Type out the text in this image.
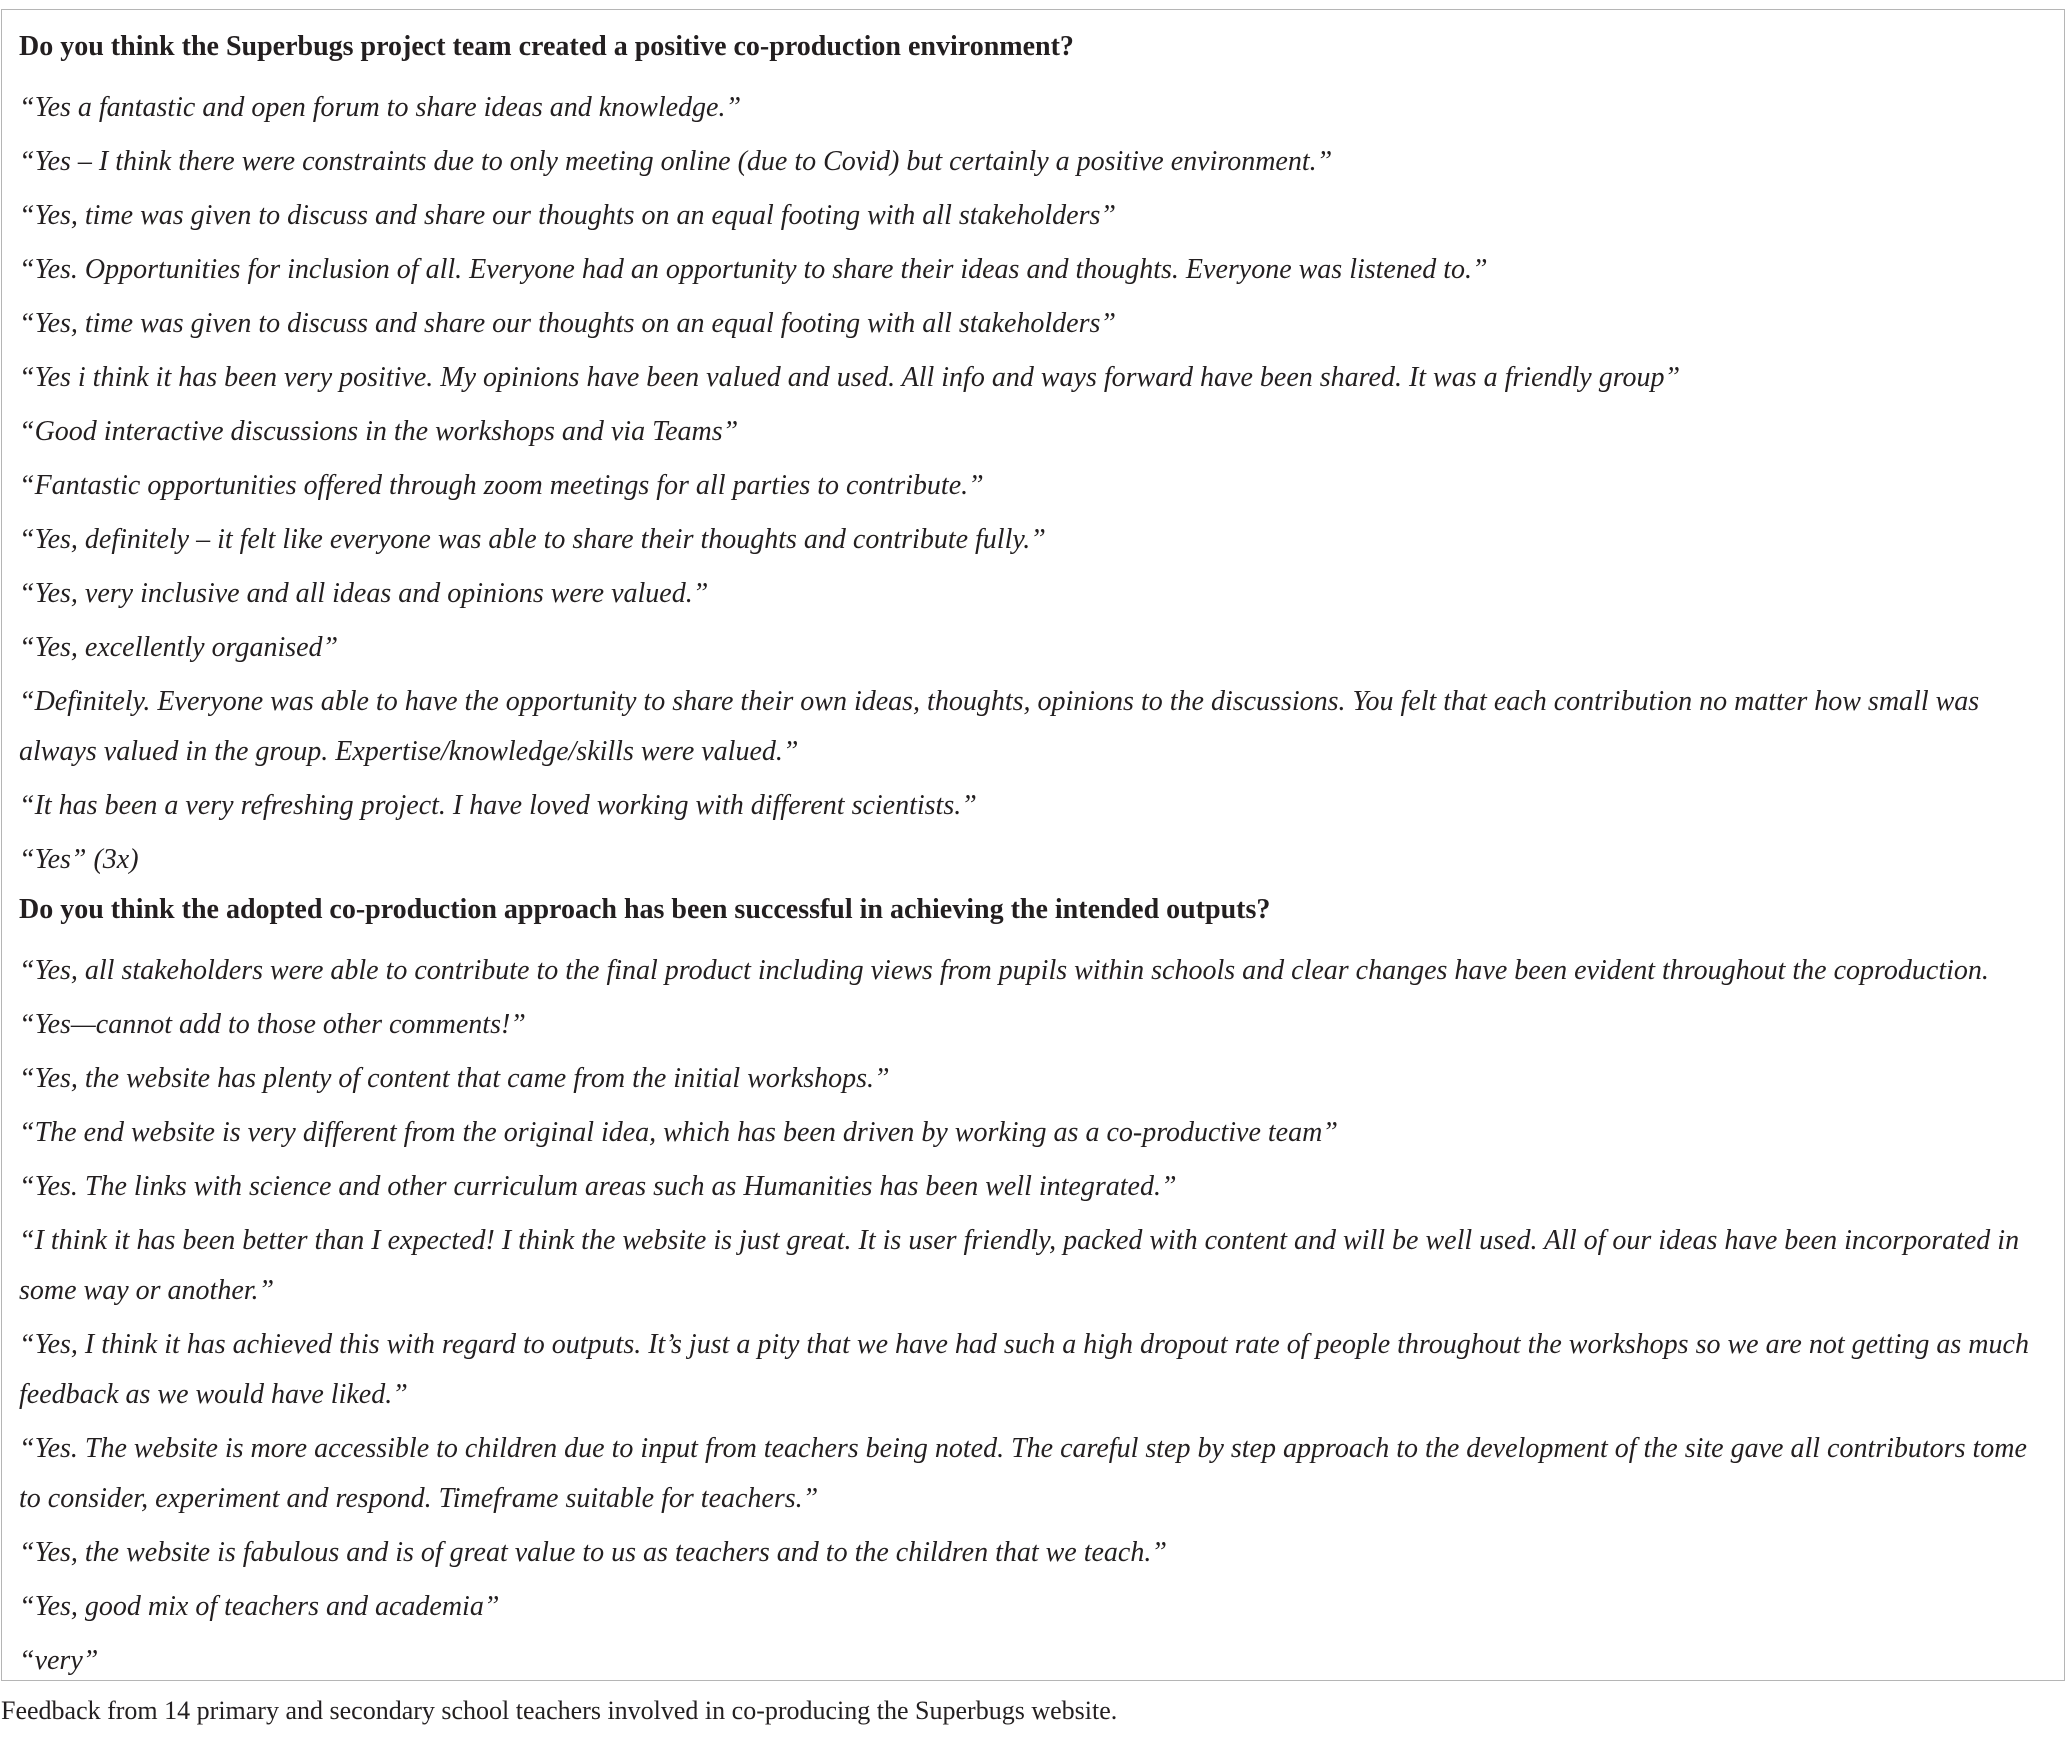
Do you think the Superbugs project team created a positive co-production environment?
“Yes a fantastic and open forum to share ideas and knowledge.”
“Yes – I think there were constraints due to only meeting online (due to Covid) but certainly a positive environment.”
“Yes, time was given to discuss and share our thoughts on an equal footing with all stakeholders”
“Yes. Opportunities for inclusion of all. Everyone had an opportunity to share their ideas and thoughts. Everyone was listened to.”
“Yes, time was given to discuss and share our thoughts on an equal footing with all stakeholders”
“Yes i think it has been very positive. My opinions have been valued and used. All info and ways forward have been shared. It was a friendly group”
“Good interactive discussions in the workshops and via Teams”
“Fantastic opportunities offered through zoom meetings for all parties to contribute.”
“Yes, definitely – it felt like everyone was able to share their thoughts and contribute fully.”
“Yes, very inclusive and all ideas and opinions were valued.”
“Yes, excellently organised”
“Definitely. Everyone was able to have the opportunity to share their own ideas, thoughts, opinions to the discussions. You felt that each contribution no matter how small was always valued in the group. Expertise/knowledge/skills were valued.”
“It has been a very refreshing project. I have loved working with different scientists.”
“Yes” (3x)
Do you think the adopted co-production approach has been successful in achieving the intended outputs?
“Yes, all stakeholders were able to contribute to the final product including views from pupils within schools and clear changes have been evident throughout the coproduction.
“Yes—cannot add to those other comments!”
“Yes, the website has plenty of content that came from the initial workshops.”
“The end website is very different from the original idea, which has been driven by working as a co-productive team”
“Yes. The links with science and other curriculum areas such as Humanities has been well integrated.”
“I think it has been better than I expected! I think the website is just great. It is user friendly, packed with content and will be well used. All of our ideas have been incorporated in some way or another.”
“Yes, I think it has achieved this with regard to outputs. It’s just a pity that we have had such a high dropout rate of people throughout the workshops so we are not getting as much feedback as we would have liked.”
“Yes. The website is more accessible to children due to input from teachers being noted. The careful step by step approach to the development of the site gave all contributors tome to consider, experiment and respond. Timeframe suitable for teachers.”
“Yes, the website is fabulous and is of great value to us as teachers and to the children that we teach.”
“Yes, good mix of teachers and academia”
“very”
Feedback from 14 primary and secondary school teachers involved in co-producing the Superbugs website.
